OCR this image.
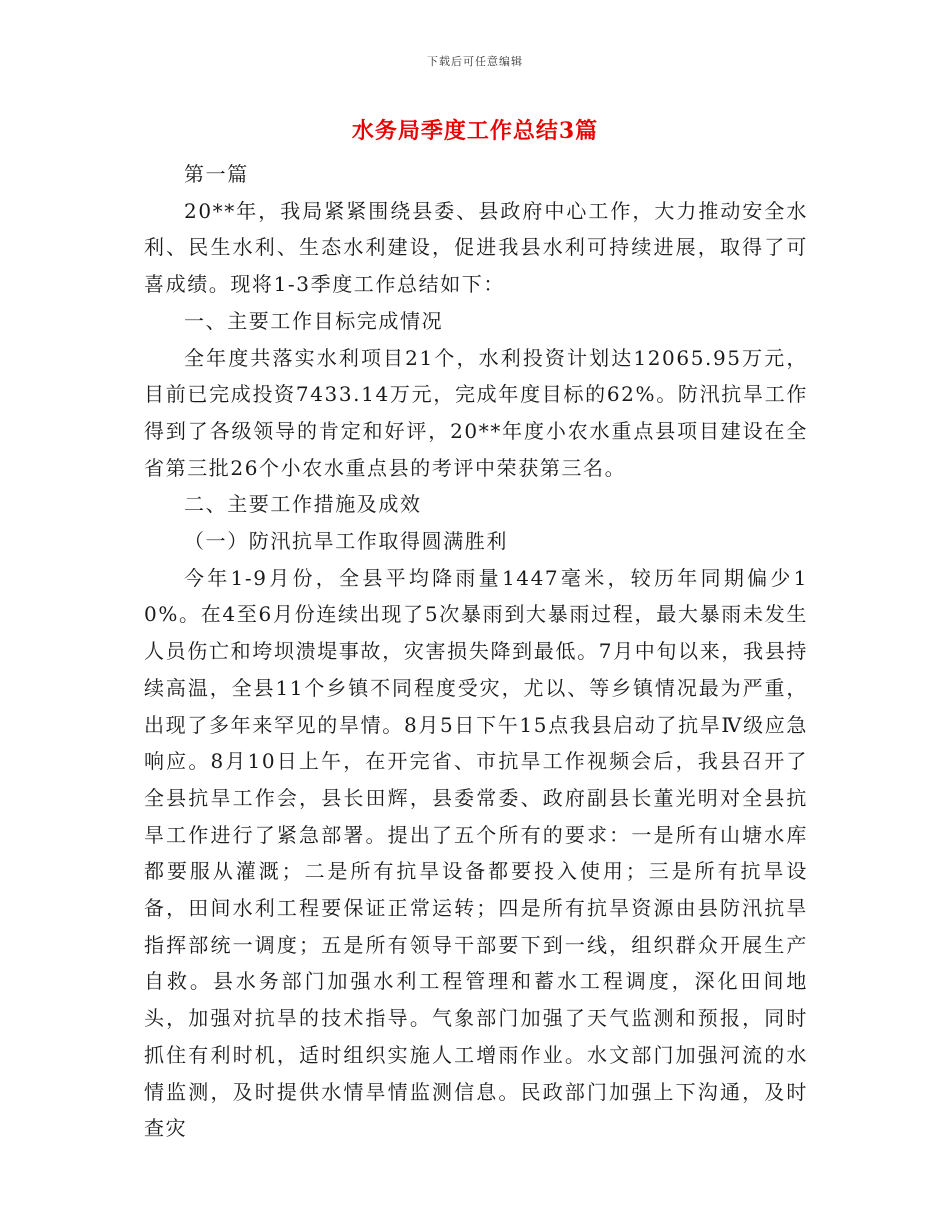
下载后可任意编辑
水务局季度工作总结3篇

第一篇

20**年，我局紧紧围绕县委、县政府中心工作，大力推动安全水利、民生水利、生态水利建设，促进我县水利可持续进展，取得了可喜成绩。现将1-3季度工作总结如下：

一、主要工作目标完成情况

全年度共落实水利项目21个，水利投资计划达12065.95万元，目前已完成投资7433.14万元，完成年度目标的62%。防汛抗旱工作得到了各级领导的肯定和好评，20**年度小农水重点县项目建设在全省第三批26个小农水重点县的考评中荣获第三名。

二、主要工作措施及成效

（一）防汛抗旱工作取得圆满胜利

今年1-9月份，全县平均降雨量1447毫米，较历年同期偏少10%。在4至6月份连续出现了5次暴雨到大暴雨过程，最大暴雨未发生人员伤亡和垮坝溃堤事故，灾害损失降到最低。7月中旬以来，我县持续高温，全县11个乡镇不同程度受灾，尤以、等乡镇情况最为严重，出现了多年来罕见的旱情。8月5日下午15点我县启动了抗旱Ⅳ级应急响应。8月10日上午，在开完省、市抗旱工作视频会后，我县召开了全县抗旱工作会，县长田辉，县委常委、政府副县长董光明对全县抗旱工作进行了紧急部署。提出了五个所有的要求：一是所有山塘水库都要服从灌溉；二是所有抗旱设备都要投入使用；三是所有抗旱设备，田间水利工程要保证正常运转；四是所有抗旱资源由县防汛抗旱指挥部统一调度；五是所有领导干部要下到一线，组织群众开展生产自救。县水务部门加强水利工程管理和蓄水工程调度，深化田间地头，加强对抗旱的技术指导。气象部门加强了天气监测和预报，同时抓住有利时机，适时组织实施人工增雨作业。水文部门加强河流的水情监测，及时提供水情旱情监测信息。民政部门加强上下沟通，及时查灾
